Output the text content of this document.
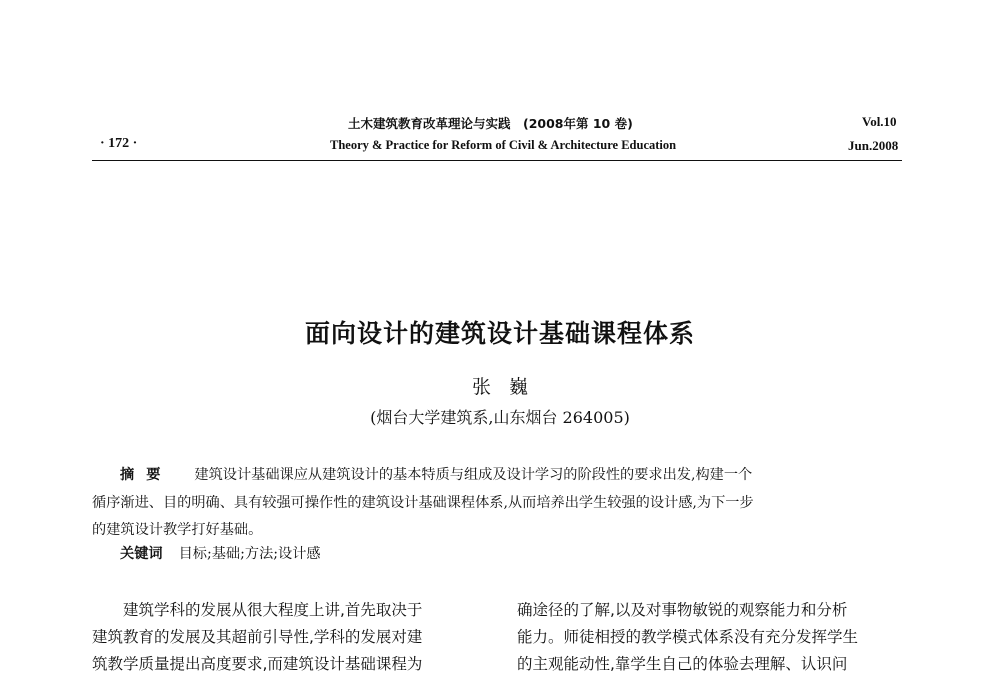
土木建筑教育改革理论与实践　(2008年第 10 卷)
Theory & Practice for Reform of Civil & Architecture Education
Vol.10
Jun.2008
· 172 ·
面向设计的建筑设计基础课程体系
张巍
(烟台大学建筑系,山东烟台 264005)
摘要 建筑设计基础课应从建筑设计的基本特质与组成及设计学习的阶段性的要求出发,构建一个
循序渐进、目的明确、具有较强可操作性的建筑设计基础课程体系,从而培养出学生较强的设计感,为下一步
的建筑设计教学打好基础。
关键词 目标;基础;方法;设计感
建筑学科的发展从很大程度上讲,首先取决于
建筑教育的发展及其超前引导性,学科的发展对建
筑教学质量提出高度要求,而建筑设计基础课程为
确途径的了解,以及对事物敏锐的观察能力和分析
能力。师徒相授的教学模式体系没有充分发挥学生
的主观能动性,靠学生自己的体验去理解、认识问
